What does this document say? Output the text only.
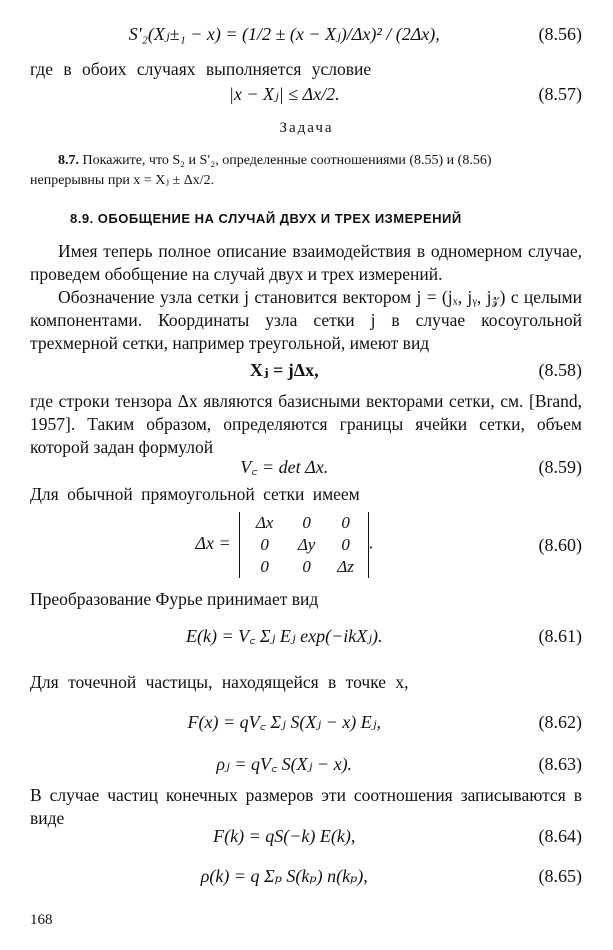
S′₂(Xⱼ±₁ − x) = (1/2 ± (x − Xⱼ)/Δx)² / (2Δx),	(8.56)
где в обоих случаях выполняется условие
|x − Xⱼ| ≤ Δx/2.	(8.57)
Задача
8.7. Покажите, что S₂ и S′₂, определенные соотношениями (8.55) и (8.56)
непрерывны при x = Xⱼ ± Δx/2.
8.9. ОБОБЩЕНИЕ НА СЛУЧАЙ ДВУХ И ТРЕХ ИЗМЕРЕНИЙ
Имея теперь полное описание взаимодействия в одномерном случае, проведем обобщение на случай двух и трех измерений.
Обозначение узла сетки j становится вектором j = (jₓ, jᵧ, j𝓏) с целыми компонентами. Координаты узла сетки j в случае косоугольной трехмерной сетки, например треугольной, имеют вид
Xⱼ = jΔx,	(8.58)
где строки тензора Δx являются базисными векторами сетки, см. [Brand, 1957]. Таким образом, определяются границы ячейки сетки, объем которой задан формулой
V꜀ = det Δx.	(8.59)
Для обычной прямоугольной сетки имеем
Δx =
Δx	0	0
0	Δy	0
0	0	Δz
.	(8.60)
Преобразование Фурье принимает вид
E(k) = V꜀ Σⱼ Eⱼ exp(−ikXⱼ).	(8.61)
Для точечной частицы, находящейся в точке x,
F(x) = qV꜀ Σⱼ S(Xⱼ − x) Eⱼ,	(8.62)
ρⱼ = qV꜀ S(Xⱼ − x).	(8.63)
В случае частиц конечных размеров эти соотношения записываются в виде
F(k) = qS(−k) E(k),	(8.64)
ρ(k) = q Σₚ S(kₚ) n(kₚ),	(8.65)
168
